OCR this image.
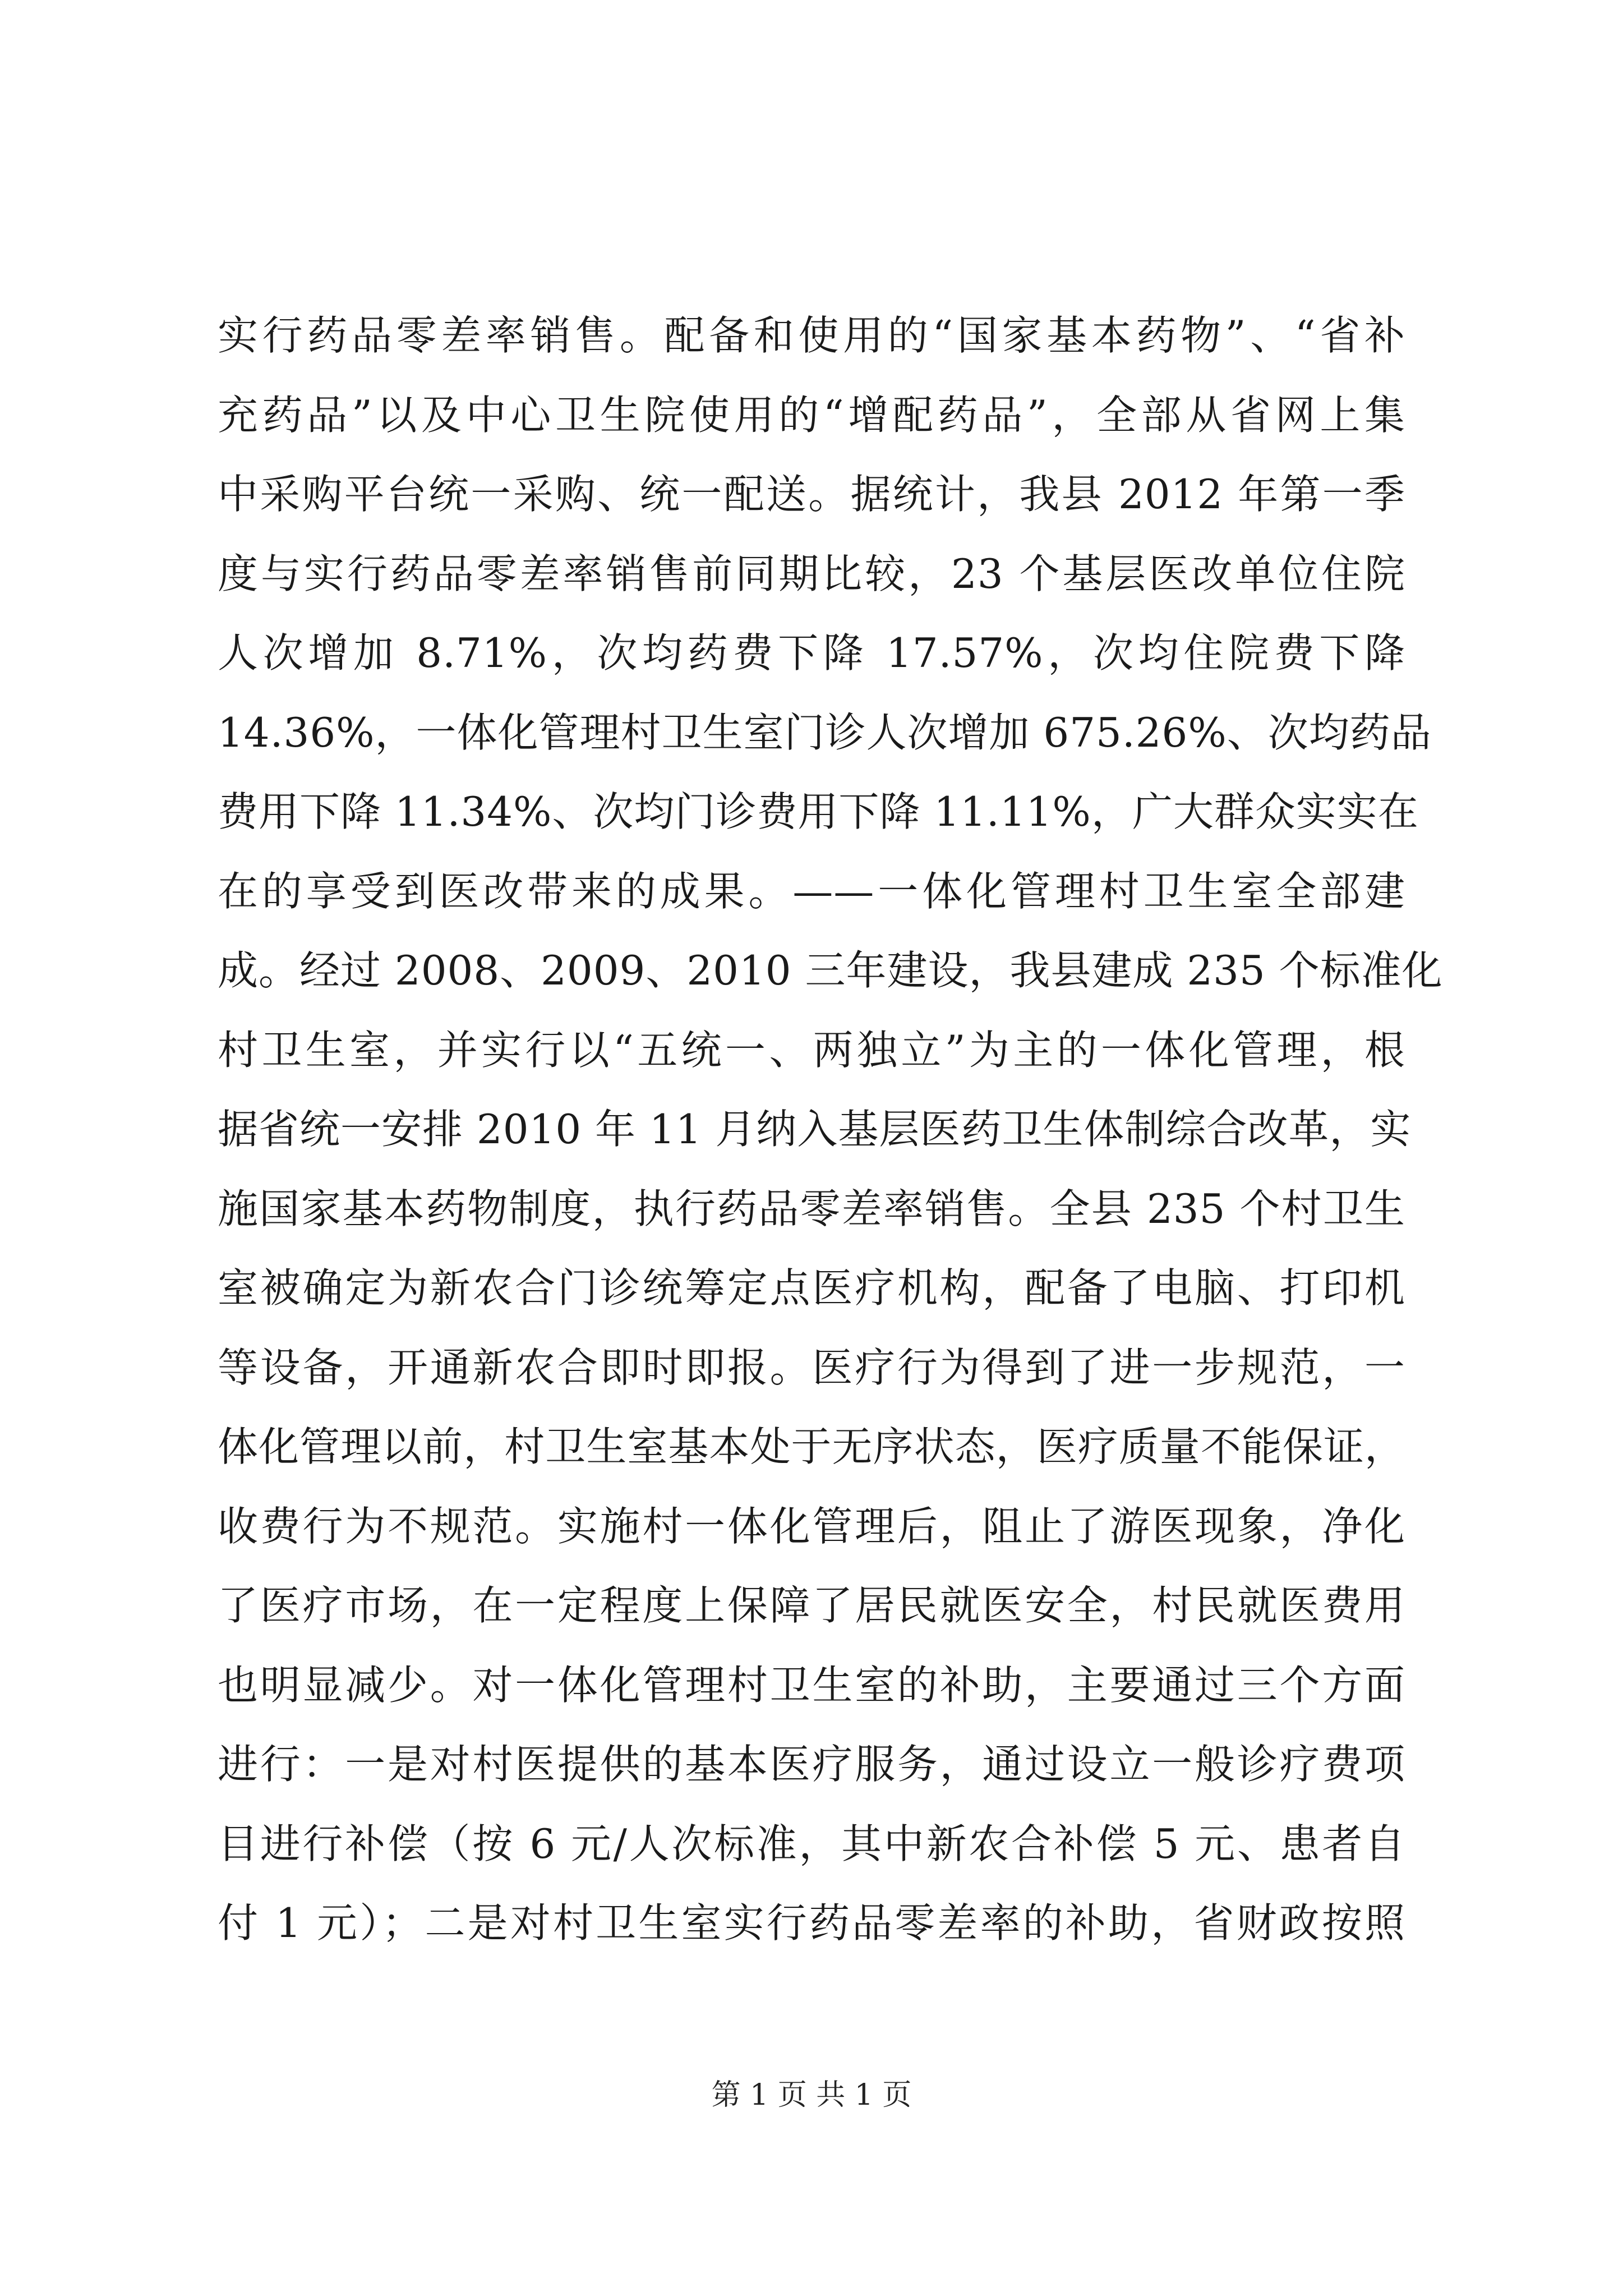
实行药品零差率销售。配备和使用的“国家基本药物”、“省补
充药品”以及中心卫生院使用的“增配药品”，全部从省网上集
中采购平台统一采购、统一配送。据统计，我县 2012 年第一季
度与实行药品零差率销售前同期比较，23 个基层医改单位住院
人次增加 8.71%，次均药费下降 17.57%，次均住院费下降
14.36%，一体化管理村卫生室门诊人次增加 675.26%、次均药品
费用下降 11.34%、次均门诊费用下降 11.11%，广大群众实实在
在的享受到医改带来的成果。——一体化管理村卫生室全部建
成。经过 2008、2009、2010 三年建设，我县建成 235 个标准化
村卫生室，并实行以“五统一、两独立”为主的一体化管理，根
据省统一安排 2010 年 11 月纳入基层医药卫生体制综合改革，实
施国家基本药物制度，执行药品零差率销售。全县 235 个村卫生
室被确定为新农合门诊统筹定点医疗机构，配备了电脑、打印机
等设备，开通新农合即时即报。医疗行为得到了进一步规范，一
体化管理以前，村卫生室基本处于无序状态，医疗质量不能保证，
收费行为不规范。实施村一体化管理后，阻止了游医现象，净化
了医疗市场，在一定程度上保障了居民就医安全，村民就医费用
也明显减少。对一体化管理村卫生室的补助，主要通过三个方面
进行：一是对村医提供的基本医疗服务，通过设立一般诊疗费项
目进行补偿（按 6 元/人次标准，其中新农合补偿 5 元、患者自
付 1 元）；二是对村卫生室实行药品零差率的补助，省财政按照
第 1 页 共 1 页
